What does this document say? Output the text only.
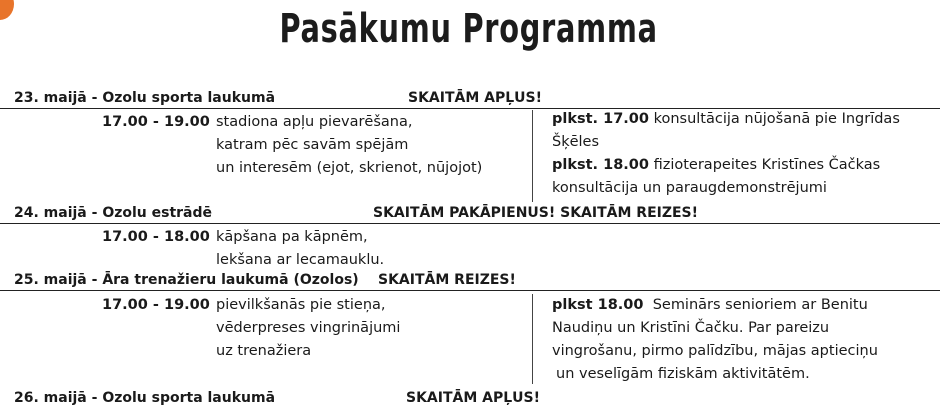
Pasākumu Programma
23. maijā - Ozolu sporta laukumā	SKAITĀM APĻUS!
17.00 - 19.00 stadiona apļu pievarēšana,
katram pēc savām spējām
un interesēm (ejot, skrienot, nūjojot)
plkst. 17.00 konsultācija nūjošanā pie Ingrīdas
Šķēles
plkst. 18.00 fizioterapeites Kristīnes Čačkas
konsultācija un paraugdemonstrējumi
24. maijā - Ozolu estrādē	SKAITĀM PAKĀPIENUS! SKAITĀM REIZES!
17.00 - 18.00 kāpšana pa kāpnēm,
lekšana ar lecamauklu.
25. maijā - Āra trenažieru laukumā (Ozolos) SKAITĀM REIZES!
17.00 - 19.00 pievilkšanās pie stieņa,
vēderpreses vingrinājumi
uz trenažiera
plkst 18.00 Seminārs senioriem ar Benitu
Naudiņu un Kristīni Čačku. Par pareizu
vingrošanu, pirmo palīdzību, mājas aptieciņu
un veselīgām fiziskām aktivitātēm.
26. maijā - Ozolu sporta laukumā	SKAITĀM APĻUS!
